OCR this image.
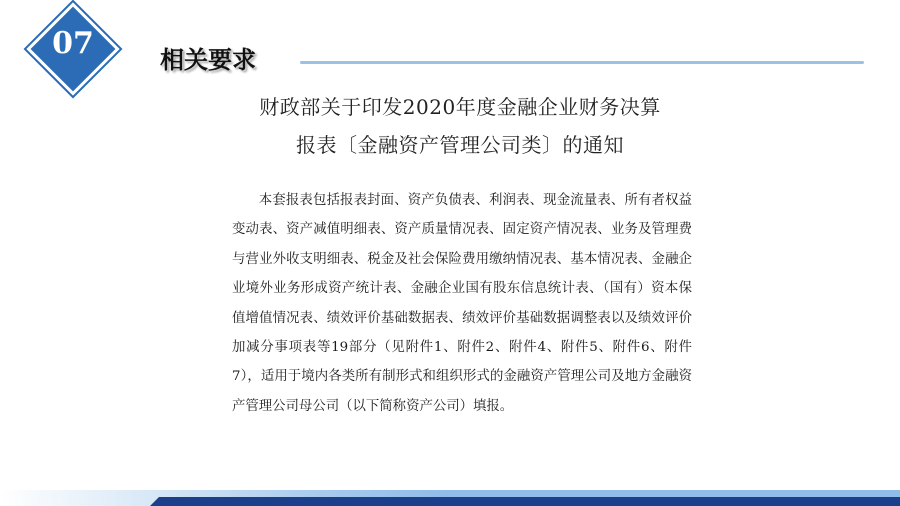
07	相关要求
财政部关于印发2020年度金融企业财务决算
报表〔金融资产管理公司类〕的通知

本套报表包括报表封面、资产负债表、利润表、现金流量表、所有者权益变动表、资产减值明细表、资产质量情况表、固定资产情况表、业务及管理费与营业外收支明细表、税金及社会保险费用缴纳情况表、基本情况表、金融企业境外业务形成资产统计表、金融企业国有股东信息统计表、（国有）资本保值增值情况表、绩效评价基础数据表、绩效评价基础数据调整表以及绩效评价加减分事项表等19部分（见附件1、附件2、附件4、附件5、附件6、附件7），适用于境内各类所有制形式和组织形式的金融资产管理公司及地方金融资产管理公司母公司（以下简称资产公司）填报。
